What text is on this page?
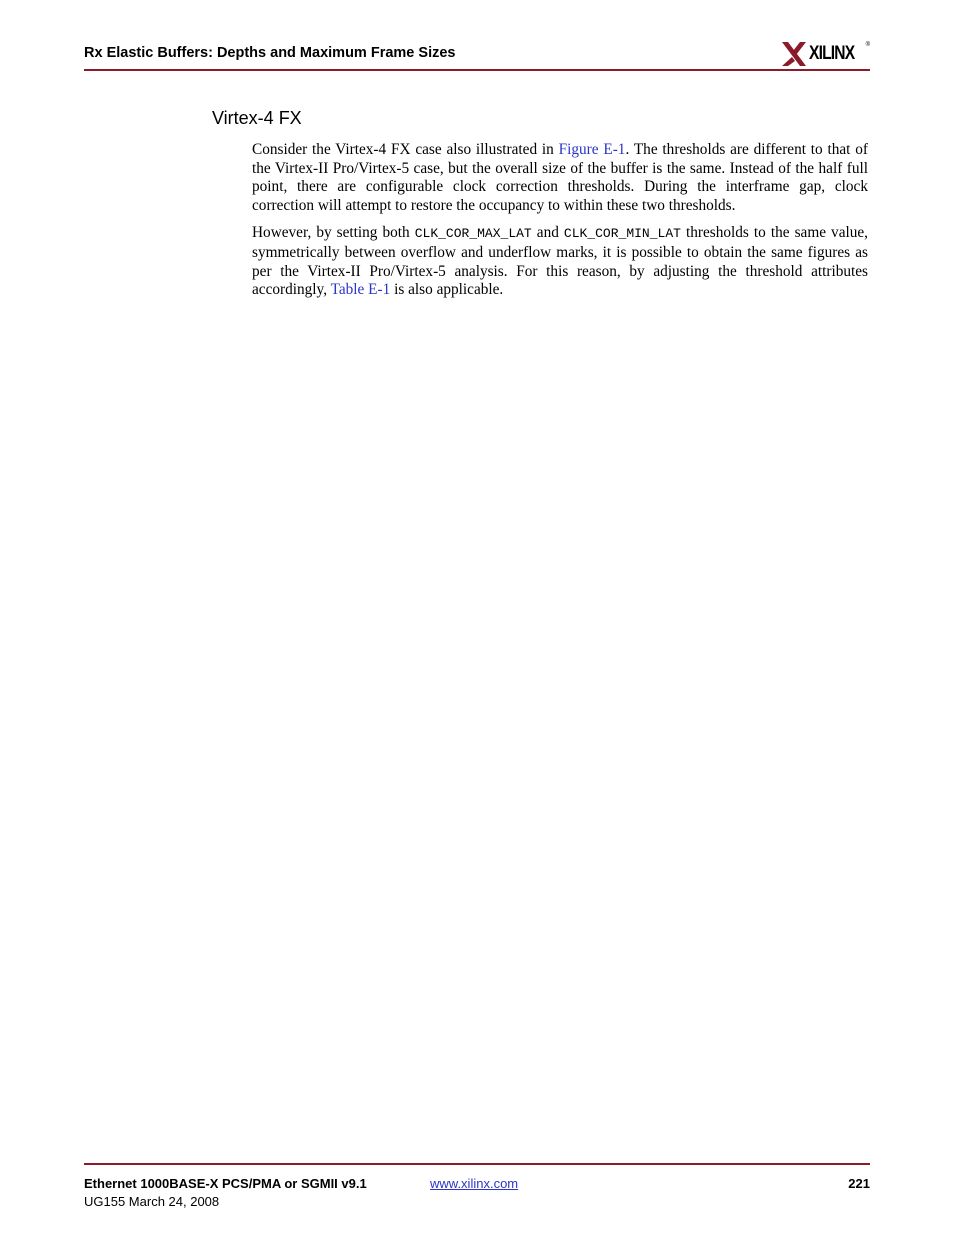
Rx Elastic Buffers: Depths and Maximum Frame Sizes	XILINX ®
Virtex-4 FX

Consider the Virtex-4 FX case also illustrated in Figure E-1. The thresholds are different to that of the Virtex-II Pro/Virtex-5 case, but the overall size of the buffer is the same. Instead of the half full point, there are configurable clock correction thresholds. During the interframe gap, clock correction will attempt to restore the occupancy to within these two thresholds.

However, by setting both CLK_COR_MAX_LAT and CLK_COR_MIN_LAT thresholds to the same value, symmetrically between overflow and underflow marks, it is possible to obtain the same figures as per the Virtex-II Pro/Virtex-5 analysis. For this reason, by adjusting the threshold attributes accordingly, Table E-1 is also applicable.

Ethernet 1000BASE-X PCS/PMA or SGMII v9.1
UG155 March 24, 2008
www.xilinx.com	221
